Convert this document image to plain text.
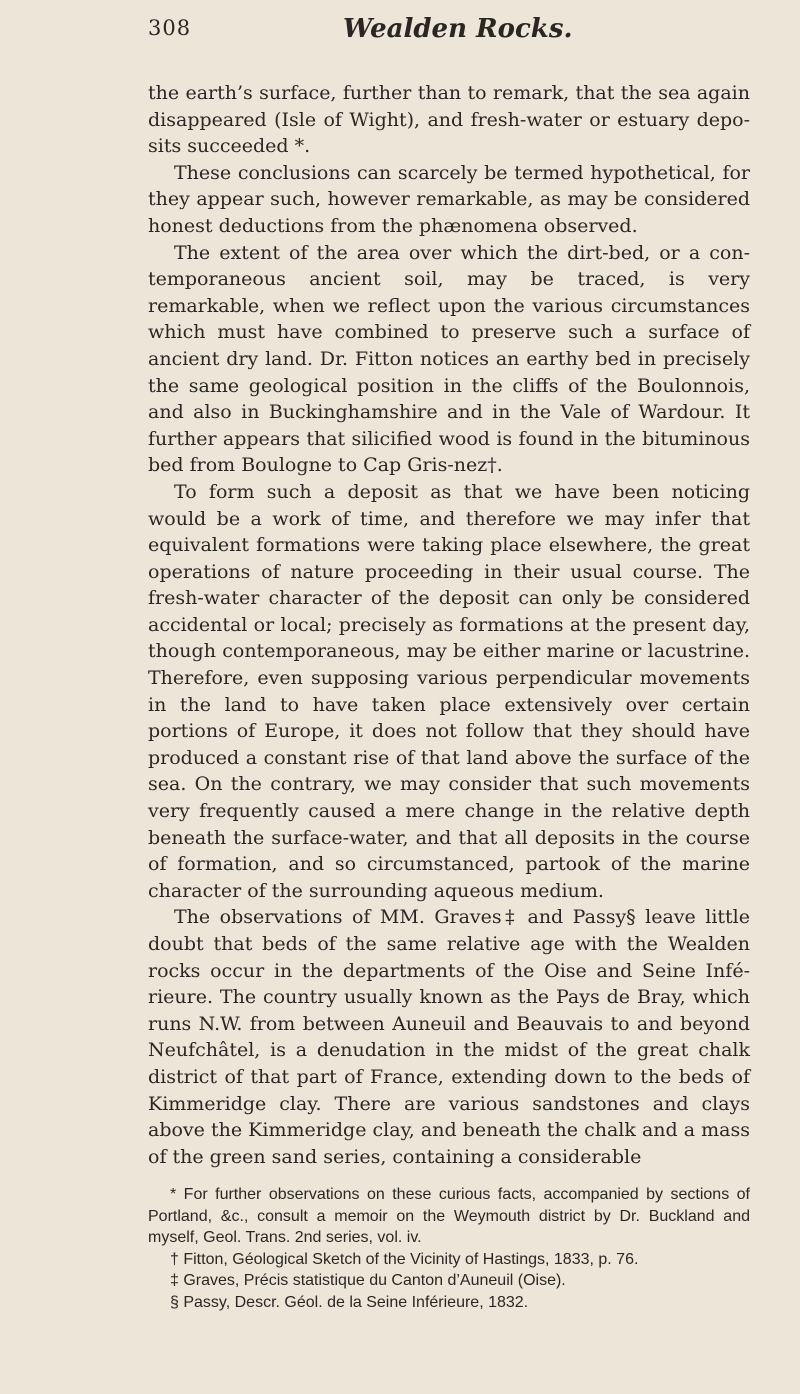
308	Wealden Rocks.

the earth’s surface, further than to remark, that the sea again disappeared (Isle of Wight), and fresh-water or estuary deposits succeeded *.

These conclusions can scarcely be termed hypothetical, for they appear such, however remarkable, as may be considered honest deductions from the phænomena observed.

The extent of the area over which the dirt-bed, or a contemporaneous ancient soil, may be traced, is very remarkable, when we reflect upon the various circumstances which must have combined to preserve such a surface of ancient dry land. Dr. Fitton notices an earthy bed in precisely the same geological position in the cliffs of the Boulonnois, and also in Buckinghamshire and in the Vale of Wardour. It further appears that silicified wood is found in the bituminous bed from Boulogne to Cap Gris-nez†.

To form such a deposit as that we have been noticing would be a work of time, and therefore we may infer that equivalent formations were taking place elsewhere, the great operations of nature proceeding in their usual course. The fresh-water character of the deposit can only be considered accidental or local; precisely as formations at the present day, though contemporaneous, may be either marine or lacustrine. Therefore, even supposing various perpendicular movements in the land to have taken place extensively over certain portions of Europe, it does not follow that they should have produced a constant rise of that land above the surface of the sea. On the contrary, we may consider that such movements very frequently caused a mere change in the relative depth beneath the surface-water, and that all deposits in the course of formation, and so circumstanced, partook of the marine character of the surrounding aqueous medium.

The observations of MM. Graves‡ and Passy§ leave little doubt that beds of the same relative age with the Wealden rocks occur in the departments of the Oise and Seine Inférieure. The country usually known as the Pays de Bray, which runs N.W. from between Auneuil and Beauvais to and beyond Neufchâtel, is a denudation in the midst of the great chalk district of that part of France, extending down to the beds of Kimmeridge clay. There are various sandstones and clays above the Kimmeridge clay, and beneath the chalk and a mass of the green sand series, containing a considerable

* For further observations on these curious facts, accompanied by sections of Portland, &c., consult a memoir on the Weymouth district by Dr. Buckland and myself, Geol. Trans. 2nd series, vol. iv.

† Fitton, Géological Sketch of the Vicinity of Hastings, 1833, p. 76.

‡ Graves, Précis statistique du Canton d’Auneuil (Oise).

§ Passy, Descr. Géol. de la Seine Inférieure, 1832.
